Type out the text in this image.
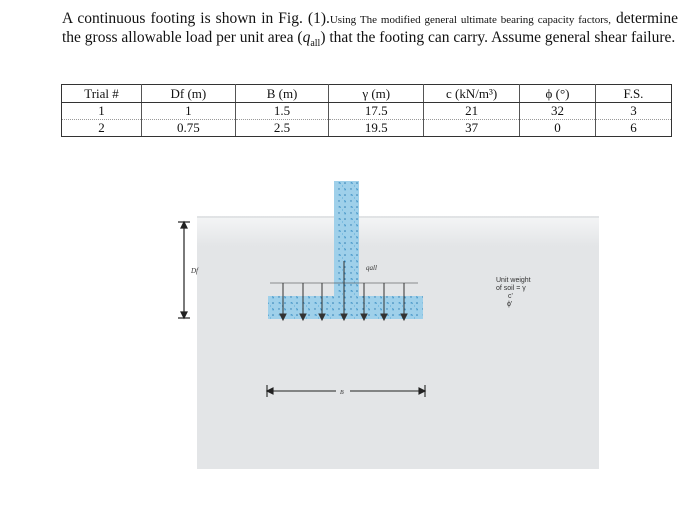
A continuous footing is shown in Fig. (1).Using The modified general ultimate bearing capacity factors, determine the gross allowable load per unit area $(q_{all})$ that the footing can carry. Assume general shear failure.
Trial #	Df (m)	B (m)	γ (m)	c (kN/m³)	ϕ (°)	F.S.
1	1	1.5	17.5	21	32	3
2	0.75	2.5	19.5	37	0	6
Df	qall
B
Unit weight
of soil = γ
c'
ϕ'
